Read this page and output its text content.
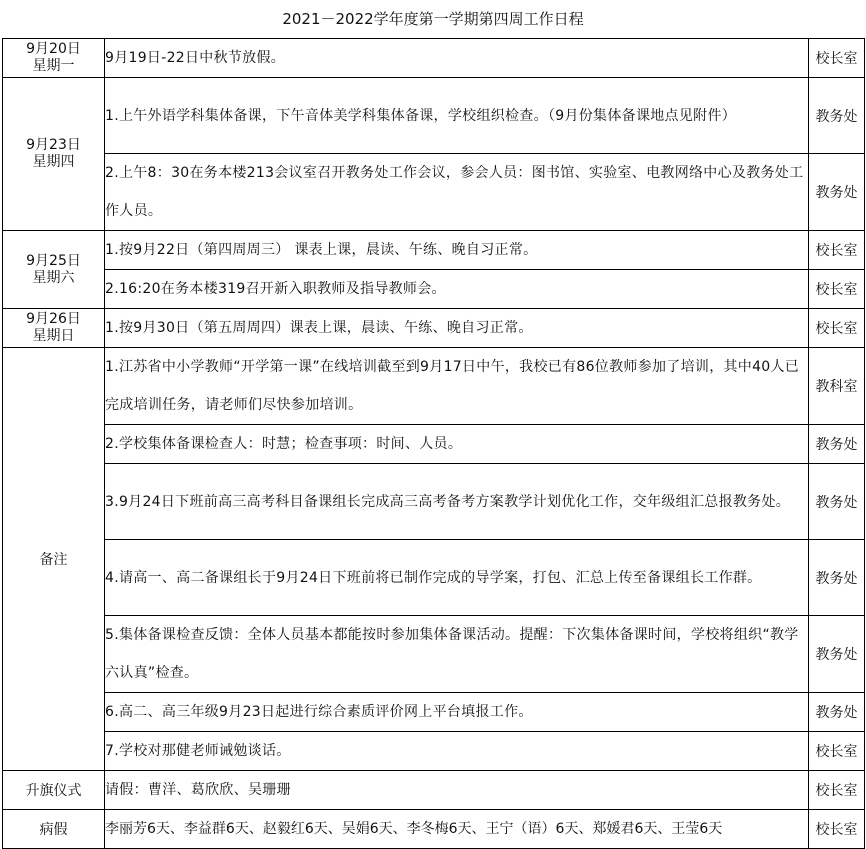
2021－2022学年度第一学期第四周工作日程
9月20日
星期一	9月19日-22日中秋节放假。	校长室

9月23日
星期四	1.上午外语学科集体备课，下午音体美学科集体备课，学校组织检查。（9月份集体备课地点见附件）	教务处
	2.上午8：30在务本楼213会议室召开教务处工作会议，参会人员：图书馆、实验室、电教网络中心及教务处工作人员。	教务处

9月25日
星期六	1.按9月22日（第四周周三） 课表上课，晨读、午练、晚自习正常。	校长室
	2.16:20在务本楼319召开新入职教师及指导教师会。	校长室

9月26日
星期日	1.按9月30日（第五周周四）课表上课，晨读、午练、晚自习正常。	校长室
备注	1.江苏省中小学教师“开学第一课”在线培训截至到9月17日中午，我校已有86位教师参加了培训，其中40人已完成培训任务，请老师们尽快参加培训。	教科室
	2.学校集体备课检查人：时慧；检查事项：时间、人员。	教务处
	3.9月24日下班前高三高考科目备课组长完成高三高考备考方案教学计划优化工作，交年级组汇总报教务处。	教务处
	4.请高一、高二备课组长于9月24日下班前将已制作完成的导学案，打包、汇总上传至备课组长工作群。	教务处
	5.集体备课检查反馈：全体人员基本都能按时参加集体备课活动。提醒：下次集体备课时间，学校将组织“教学六认真”检查。	教务处
	6.高二、高三年级9月23日起进行综合素质评价网上平台填报工作。	教务处
	7.学校对那健老师诫勉谈话。	校长室
升旗仪式	请假：曹洋、葛欣欣、吴珊珊	校长室
病假	李丽芳6天、李益群6天、赵毅红6天、吴娟6天、李冬梅6天、王宁（语）6天、郑媛君6天、王莹6天	校长室
